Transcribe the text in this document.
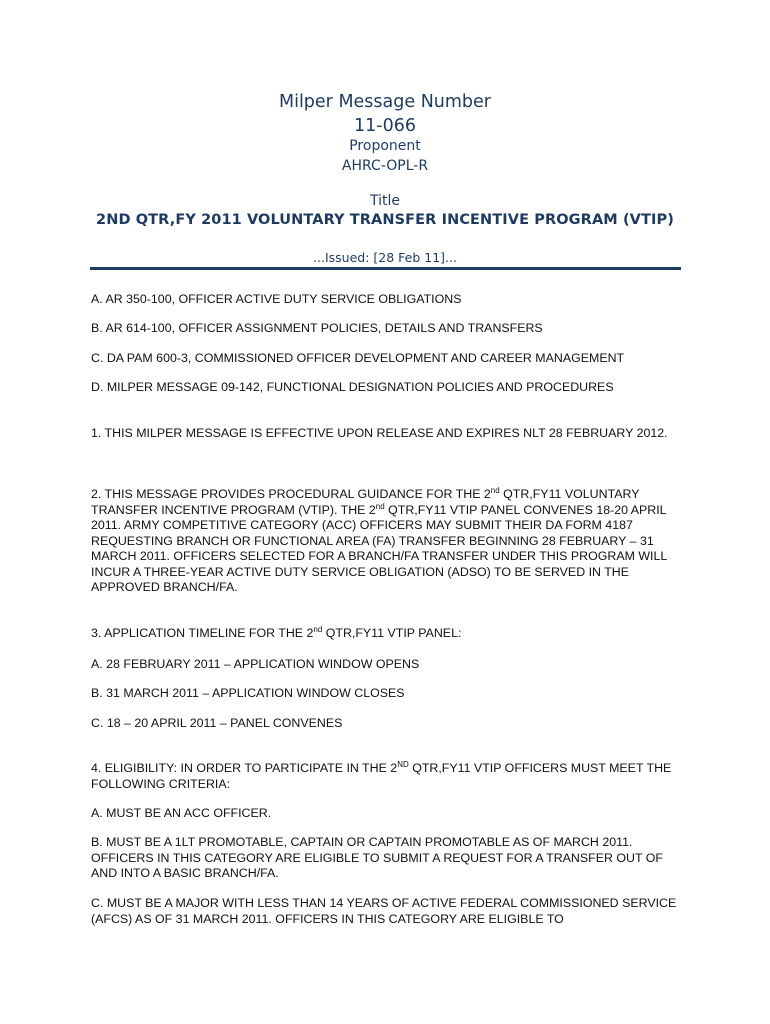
Milper Message Number
11-066
Proponent
AHRC-OPL-R
Title
2ND QTR,FY 2011 VOLUNTARY TRANSFER INCENTIVE PROGRAM (VTIP)
...Issued: [28 Feb 11]...
A. AR 350-100, OFFICER ACTIVE DUTY SERVICE OBLIGATIONS
B. AR 614-100, OFFICER ASSIGNMENT POLICIES, DETAILS AND TRANSFERS
C. DA PAM 600-3, COMMISSIONED OFFICER DEVELOPMENT AND CAREER MANAGEMENT
D. MILPER MESSAGE 09-142, FUNCTIONAL DESIGNATION POLICIES AND PROCEDURES
1. THIS MILPER MESSAGE IS EFFECTIVE UPON RELEASE AND EXPIRES NLT 28 FEBRUARY 2012.
2. THIS MESSAGE PROVIDES PROCEDURAL GUIDANCE FOR THE 2nd QTR,FY11 VOLUNTARY TRANSFER INCENTIVE PROGRAM (VTIP). THE 2nd QTR,FY11 VTIP PANEL CONVENES 18-20 APRIL 2011. ARMY COMPETITIVE CATEGORY (ACC) OFFICERS MAY SUBMIT THEIR DA FORM 4187 REQUESTING BRANCH OR FUNCTIONAL AREA (FA) TRANSFER BEGINNING 28 FEBRUARY – 31 MARCH 2011. OFFICERS SELECTED FOR A BRANCH/FA TRANSFER UNDER THIS PROGRAM WILL INCUR A THREE-YEAR ACTIVE DUTY SERVICE OBLIGATION (ADSO) TO BE SERVED IN THE APPROVED BRANCH/FA.
3. APPLICATION TIMELINE FOR THE 2nd QTR,FY11 VTIP PANEL:
A. 28 FEBRUARY 2011 – APPLICATION WINDOW OPENS
B. 31 MARCH 2011 – APPLICATION WINDOW CLOSES
C. 18 – 20 APRIL 2011 – PANEL CONVENES
4. ELIGIBILITY: IN ORDER TO PARTICIPATE IN THE 2ND QTR,FY11 VTIP OFFICERS MUST MEET THE FOLLOWING CRITERIA:
A. MUST BE AN ACC OFFICER.
B. MUST BE A 1LT PROMOTABLE, CAPTAIN OR CAPTAIN PROMOTABLE AS OF MARCH 2011. OFFICERS IN THIS CATEGORY ARE ELIGIBLE TO SUBMIT A REQUEST FOR A TRANSFER OUT OF AND INTO A BASIC BRANCH/FA.
C. MUST BE A MAJOR WITH LESS THAN 14 YEARS OF ACTIVE FEDERAL COMMISSIONED SERVICE (AFCS) AS OF 31 MARCH 2011. OFFICERS IN THIS CATEGORY ARE ELIGIBLE TO
